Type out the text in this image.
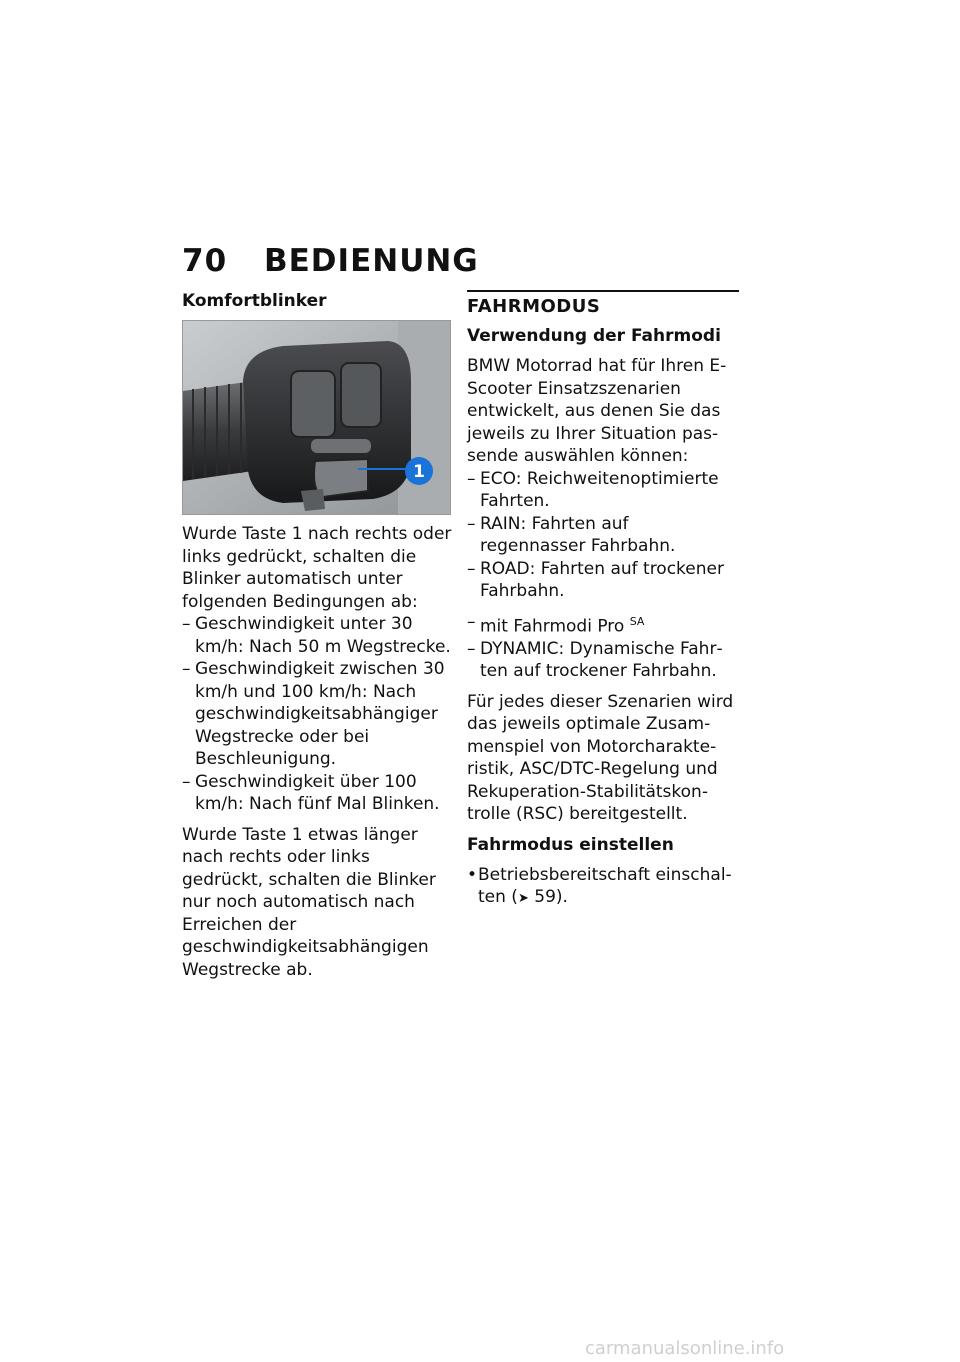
70 BEDIENUNG
Komfortblinker
1

Wurde Taste 1 nach rechts oder links gedrückt, schalten die Blinker automatisch unter folgenden Bedingungen ab:

– Geschwindigkeit unter 30 km/h: Nach 50 m Wegstrecke.
– Geschwindigkeit zwischen 30 km/h und 100 km/h: Nach geschwindigkeitsabhängiger Wegstrecke oder bei Beschleunigung.
– Geschwindigkeit über 100 km/h: Nach fünf Mal Blinken.

Wurde Taste 1 etwas länger nach rechts oder links gedrückt, schalten die Blinker nur noch automatisch nach Erreichen der geschwindigkeitsabhängigen Wegstrecke ab.

FAHRMODUS
Verwendung der Fahrmodi

BMW Motorrad hat für Ihren E-Scooter Einsatzszenarien entwickelt, aus denen Sie das jeweils zu Ihrer Situation passende auswählen können:

– ECO: Reichweitenoptimierte Fahrten.
– RAIN: Fahrten auf regennasser Fahrbahn.
– ROAD: Fahrten auf trockener Fahrbahn.
– mit Fahrmodi Pro $^{SA}$
– DYNAMIC: Dynamische Fahrten auf trockener Fahrbahn.

Für jedes dieser Szenarien wird das jeweils optimale Zusammenspiel von Motorcharakteristik, ASC/DTC-Regelung und Rekuperation-Stabilitätskontrolle (RSC) bereitgestellt.

Fahrmodus einstellen
• Betriebsbereitschaft einschalten (➤ 59).
carmanualsonline.info
